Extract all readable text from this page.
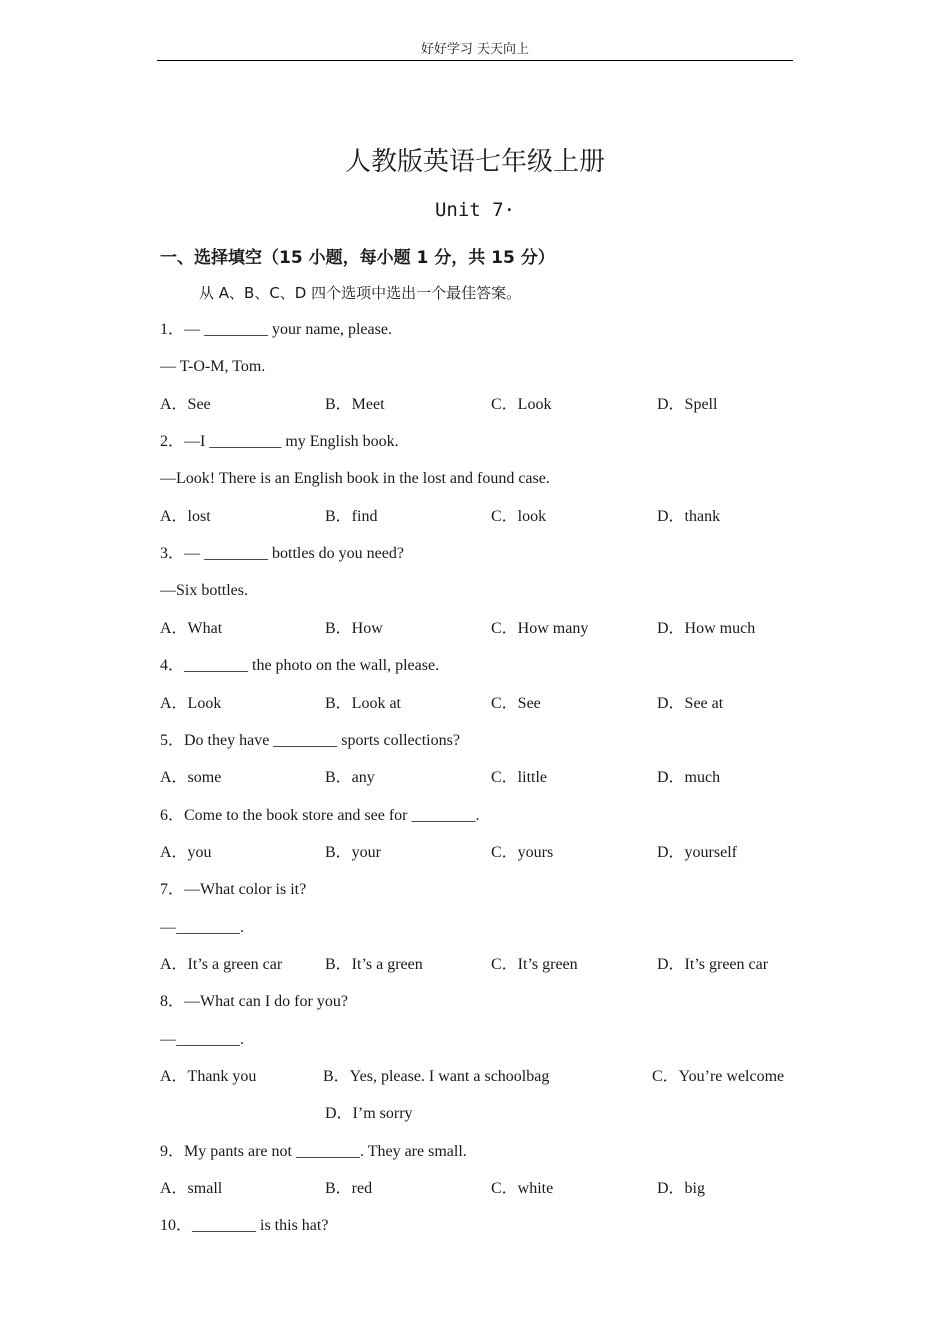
好好学习 天天向上
人教版英语七年级上册
Unit 7·
一、选择填空（15 小题，每小题 1 分，共 15 分）
从 A、B、C、D 四个选项中选出一个最佳答案。
1．— ________ your name, please.
— T-O-M, Tom.
A．See	B．Meet	C．Look	D．Spell
2．—I _________ my English book.
—Look! There is an English book in the lost and found case.
A．lost	B．find	C．look	D．thank
3．— ________ bottles do you need?
—Six bottles.
A．What	B．How	C．How many	D．How much
4．________ the photo on the wall, please.
A．Look	B．Look at	C．See	D．See at
5．Do they have ________ sports collections?
A．some	B．any	C．little	D．much
6．Come to the book store and see for ________.
A．you	B．your	C．yours	D．yourself
7．—What color is it?
—________.
A．It’s a green car	B．It’s a green	C．It’s green	D．It’s green car
8．—What can I do for you?
—________.
A．Thank you	B．Yes, please. I want a schoolbag	C．You’re welcome
D．I’m sorry
9．My pants are not ________. They are small.
A．small	B．red	C．white	D．big
10．________ is this hat?
